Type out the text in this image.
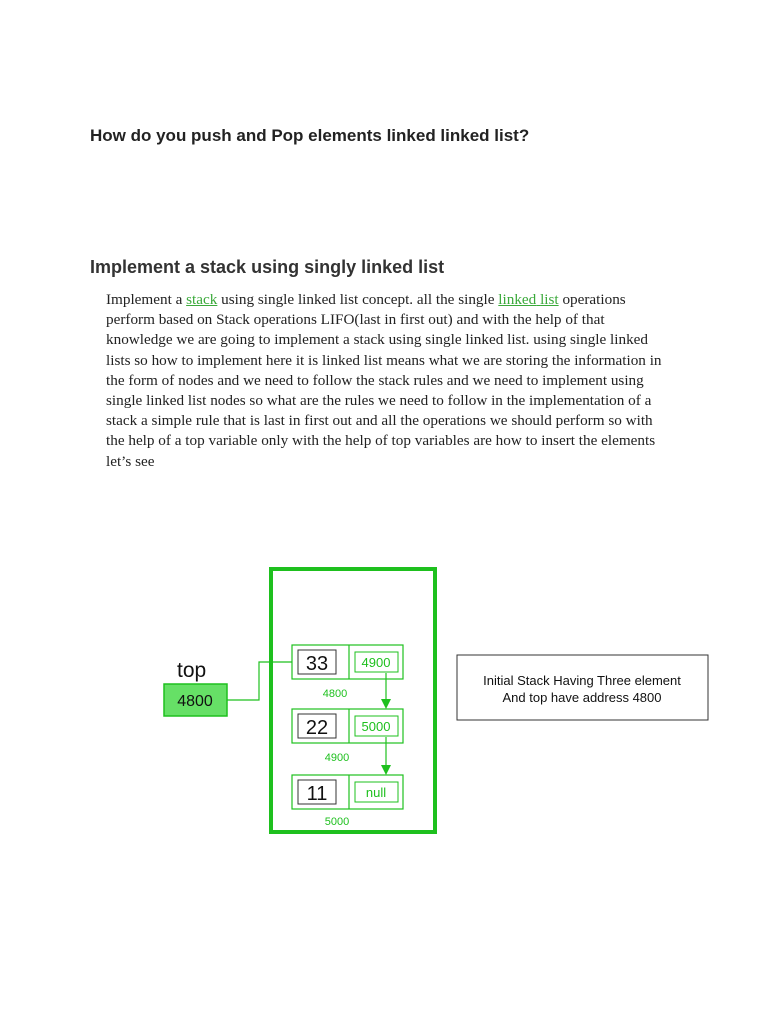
How do you push and Pop elements linked linked list?
Implement a stack using singly linked list

Implement a stack using single linked list concept. all the single linked list operations perform based on Stack operations LIFO(last in first out) and with the help of that knowledge we are going to implement a stack using single linked list. using single linked lists so how to implement here it is linked list means what we are storing the information in the form of nodes and we need to follow the stack rules and we need to implement using single linked list nodes so what are the rules we need to follow in the implementation of a stack a simple rule that is last in first out and all the operations we should perform so with the help of a top variable only with the help of top variables are how to insert the elements let’s see

top
4800
33	4900
4800
22	5000
4900
11	null
5000
Initial Stack Having Three element
And top have address 4800
